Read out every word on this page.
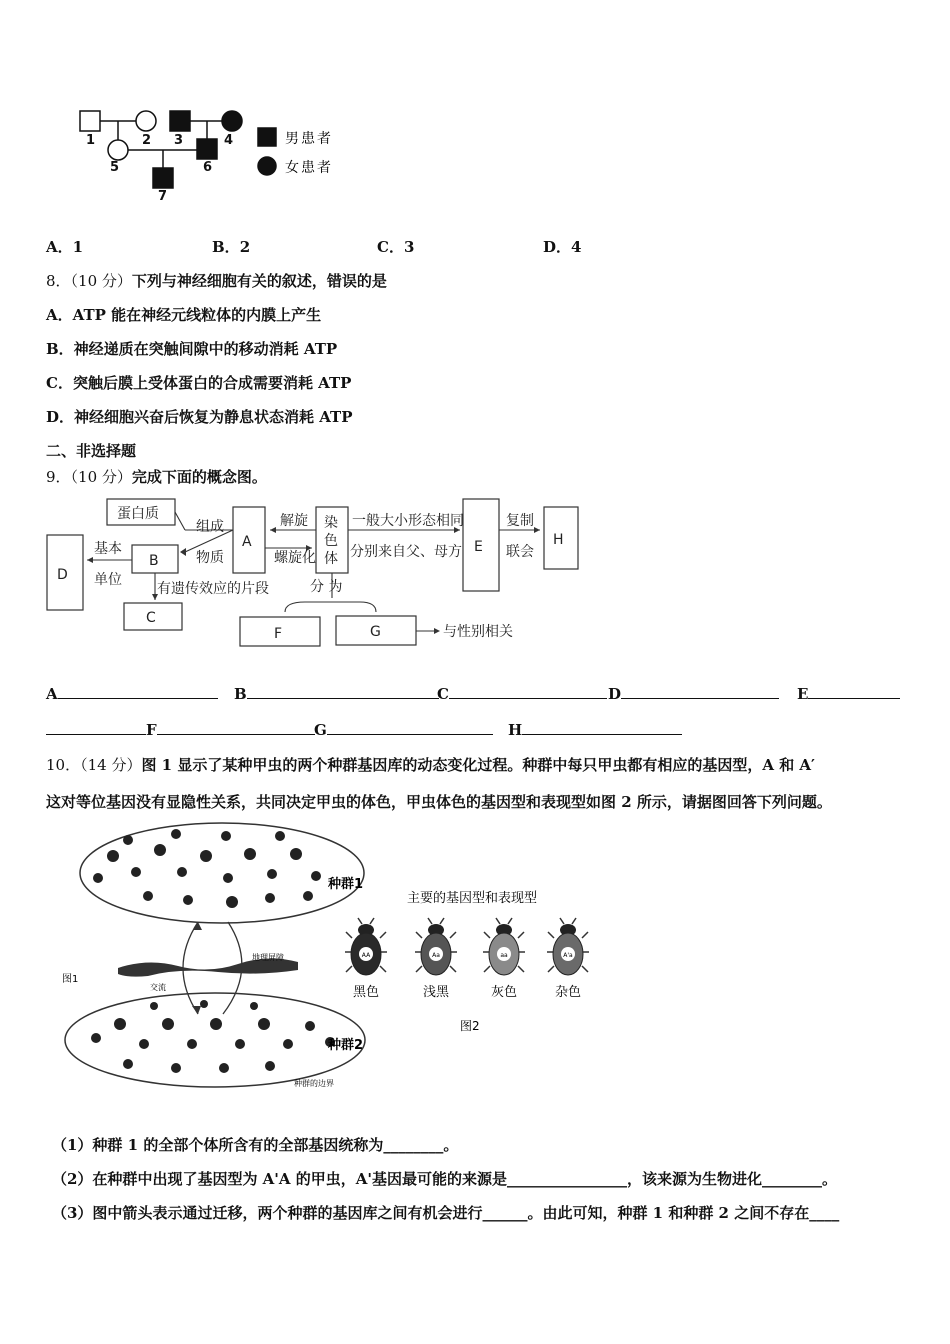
1	2 3	4
5	6
7
男患者
女患者
A．1	B．2	C．3	D．4
8．（10 分）下列与神经细胞有关的叙述，错误的是
A．ATP 能在神经元线粒体的内膜上产生
B．神经递质在突触间隙中的移动消耗 ATP
C．突触后膜上受体蛋白的合成需要消耗 ATP
D．神经细胞兴奋后恢复为静息状态消耗 ATP
二、非选择题
9．（10 分）完成下面的概念图。
蛋白质
组成
物质
A
解旋
螺旋化
染
色
体
一般大小形态相同
分别来自父、母方 E
复制
联会
H
D
基本
单位
B
有遗传效应的片段
C
分 为
F	G	与性别相关
A	B	C	D	E
F	G	H
10．（14 分）图 1 显示了某种甲虫的两个种群基因库的动态变化过程。种群中每只甲虫都有相应的基因型，A 和 A′
这对等位基因没有显隐性关系，共同决定甲虫的体色，甲虫体色的基因型和表现型如图 2 所示，请据图回答下列问题。
图1
地理屏障
交流
种群1
种群2
种群的边界
主要的基因型和表现型
AA
黑色
Aa
浅黑
aa
灰色
A'a
杂色
图2
（1）种群 1 的全部个体所含有的全部基因统称为________。
（2）在种群中出现了基因型为 A'A 的甲虫，A'基因最可能的来源是________________，该来源为生物进化________。
（3）图中箭头表示通过迁移，两个种群的基因库之间有机会进行______。由此可知，种群 1 和种群 2 之间不存在____
